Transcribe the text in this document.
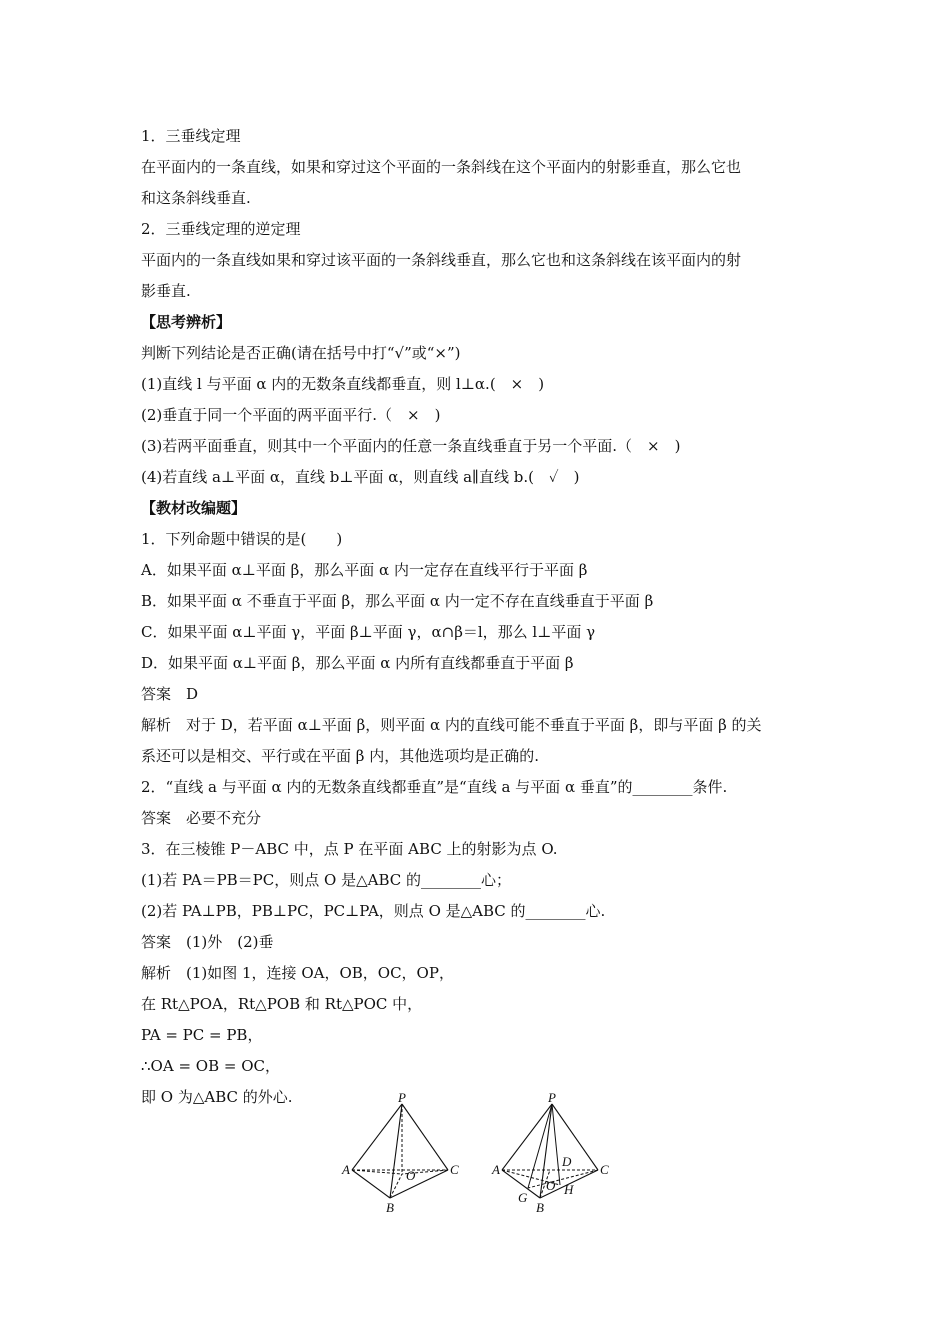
1．三垂线定理
在平面内的一条直线，如果和穿过这个平面的一条斜线在这个平面内的射影垂直，那么它也
和这条斜线垂直.
2．三垂线定理的逆定理
平面内的一条直线如果和穿过该平面的一条斜线垂直，那么它也和这条斜线在该平面内的射
影垂直.
【思考辨析】
判断下列结论是否正确(请在括号中打“√”或“×”)
(1)直线 l 与平面 α 内的无数条直线都垂直，则 l⊥α.(　×　)
(2)垂直于同一个平面的两平面平行.（　×　)
(3)若两平面垂直，则其中一个平面内的任意一条直线垂直于另一个平面.（　×　)
(4)若直线 a⊥平面 α，直线 b⊥平面 α，则直线 a∥直线 b.(　✓　)
【教材改编题】
1．下列命题中错误的是(　　)
A．如果平面 α⊥平面 β，那么平面 α 内一定存在直线平行于平面 β
B．如果平面 α 不垂直于平面 β，那么平面 α 内一定不存在直线垂直于平面 β
C．如果平面 α⊥平面 γ，平面 β⊥平面 γ，α∩β＝l，那么 l⊥平面 γ
D．如果平面 α⊥平面 β，那么平面 α 内所有直线都垂直于平面 β
答案　D
解析　对于 D，若平面 α⊥平面 β，则平面 α 内的直线可能不垂直于平面 β，即与平面 β 的关
系还可以是相交、平行或在平面 β 内，其他选项均是正确的.
2．“直线 a 与平面 α 内的无数条直线都垂直”是“直线 a 与平面 α 垂直”的________条件.
答案　必要不充分
3．在三棱锥 P－ABC 中，点 P 在平面 ABC 上的射影为点 O.
(1)若 PA＝PB＝PC，则点 O 是△ABC 的________心；
(2)若 PA⊥PB，PB⊥PC，PC⊥PA，则点 O 是△ABC 的________心.
答案　(1)外　(2)垂
解析　(1)如图 1，连接 OA，OB，OC，OP，
在 Rt△POA，Rt△POB 和 Rt△POC 中，
PA = PC = PB，
∴OA = OB = OC，
即 O 为△ABC 的外心.	P
A	C
B
O
P
A	C
B
O
D
G
H
